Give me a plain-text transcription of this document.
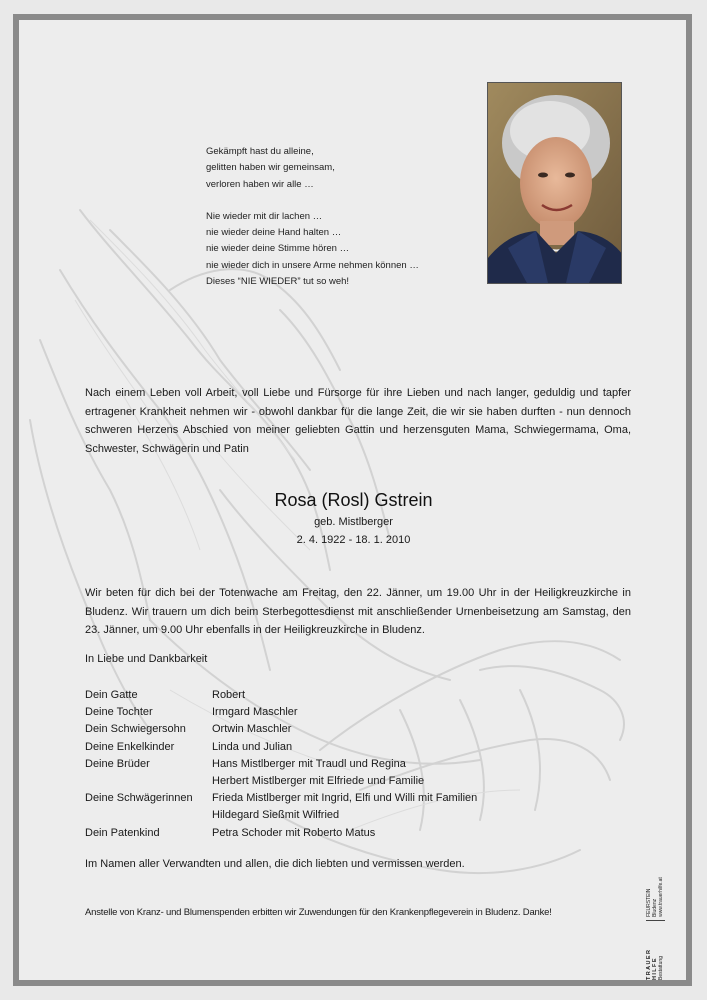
Gekämpft hast du alleine,

gelitten haben wir gemeinsam,

verloren haben wir alle …

Nie wieder mit dir lachen …

nie wieder deine Hand halten …

nie wieder deine Stimme hören …

nie wieder dich in unsere Arme nehmen können …

Dieses “NIE WIEDER” tut so weh!

Nach einem Leben voll Arbeit, voll Liebe und Fürsorge für ihre Lieben und nach langer, geduldig und tapfer ertragener Krankheit nehmen wir - obwohl dankbar für die lange Zeit, die wir sie haben durften - nun dennoch schweren Herzens Abschied von meiner geliebten Gattin und herzensguten Mama, Schwiegermama, Oma, Schwester, Schwägerin und Patin
Rosa (Rosl) Gstrein
geb. Mistlberger
2. 4. 1922 - 18. 1. 2010
Wir beten für dich bei der Totenwache am Freitag, den 22. Jänner, um 19.00 Uhr in der Heiligkreuzkirche in Bludenz. Wir trauern um dich beim Sterbegottesdienst mit anschließender Urnenbeisetzung am Samstag, den 23. Jänner, um 9.00 Uhr ebenfalls in der Heiligkreuzkirche in Bludenz.
In Liebe und Dankbarkeit
Dein Gatte	Robert
Deine Tochter	Irmgard Maschler
Dein Schwiegersohn	Ortwin Maschler
Deine Enkelkinder	Linda und Julian
Deine Brüder	Hans Mistlberger mit Traudl und Regina
Herbert Mistlberger mit Elfriede und Familie
Deine Schwägerinnen	Frieda Mistlberger mit Ingrid, Elfi und Willi mit Familien
Hildegard Sießmit Wilfried
Dein Patenkind	Petra Schoder mit Roberto Matus
Im Namen aller Verwandten und allen, die dich liebten und vermissen werden.
Anstelle von Kranz- und Blumenspenden erbitten wir Zuwendungen für den Krankenpflegeverein in Bludenz. Danke!
TRAUER HILFE Bestattung
FEURSTEIN Bludenz www.trauerhilfe.at
